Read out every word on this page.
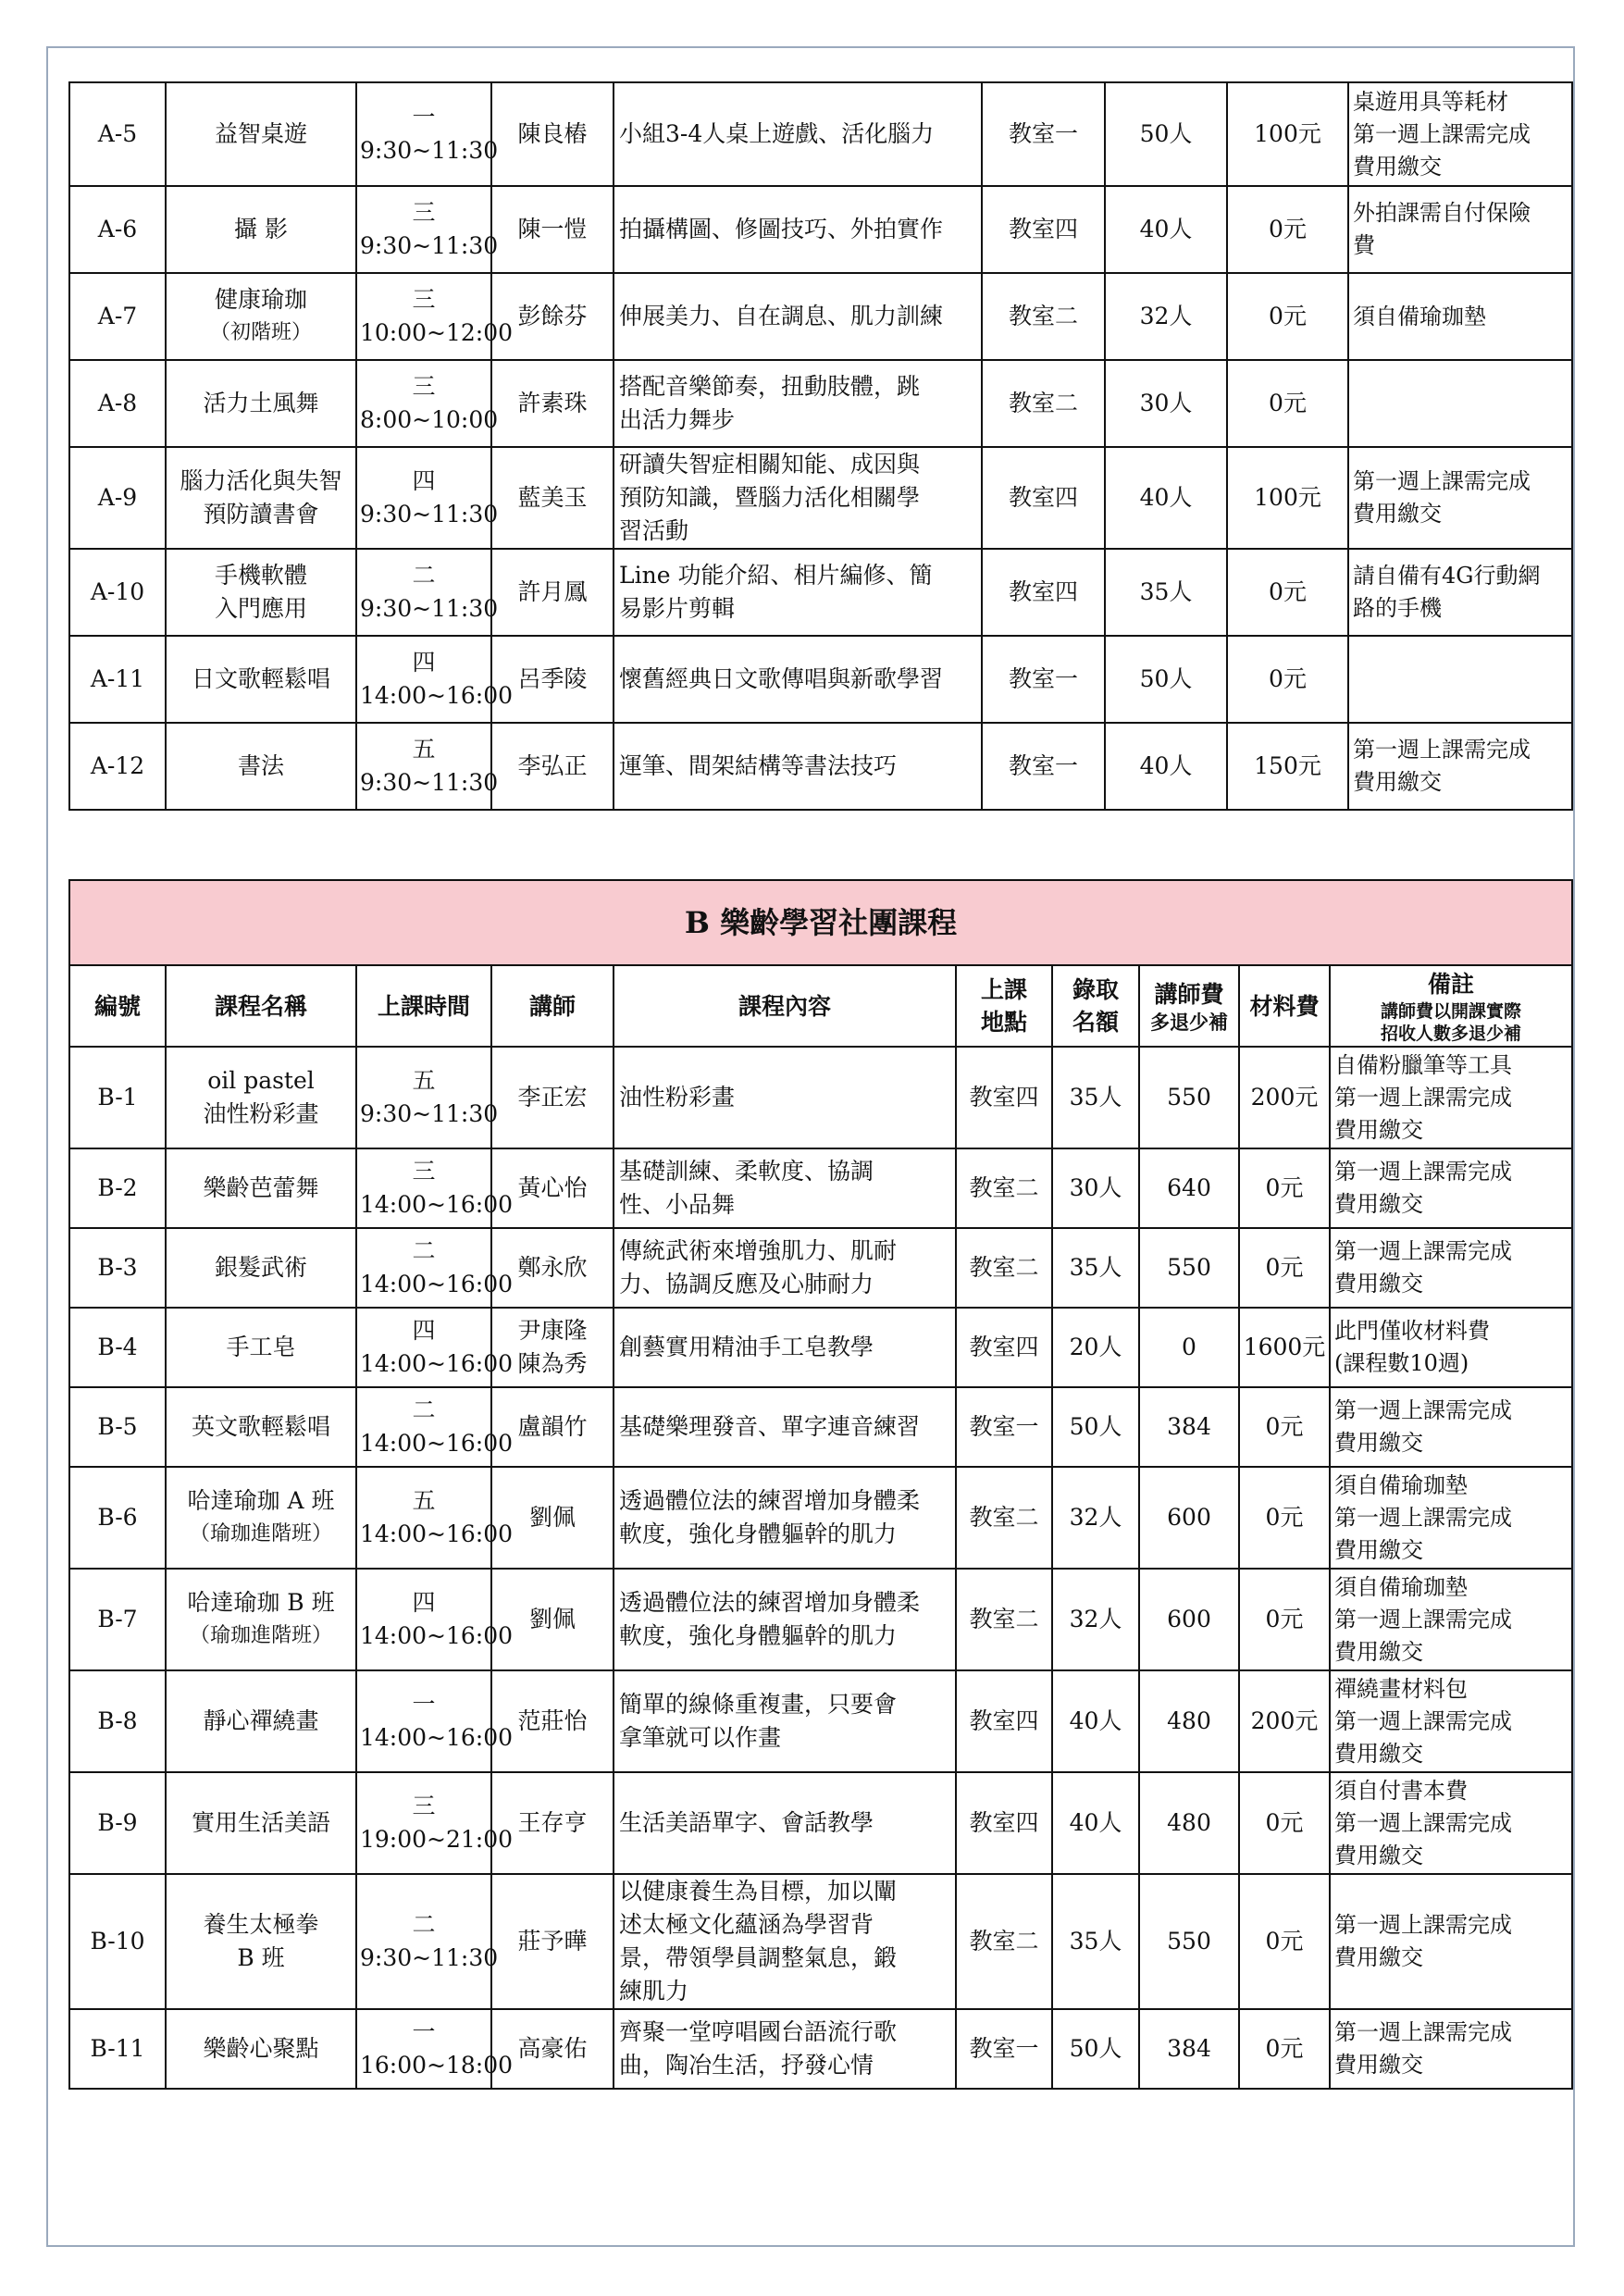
A-5	益智桌遊	一
9:30~11:30	陳良樁	小組3-4人桌上遊戲、活化腦力	教室一	50人	100元	桌遊用具等耗材
第一週上課需完成
費用繳交

A-6	攝 影	三
9:30~11:30	陳一愷	拍攝構圖、修圖技巧、外拍實作	教室四	40人	0元	外拍課需自付保險
費

A-7	健康瑜珈
（初階班）	三
10:00~12:00	彭餘芬	伸展美力、自在調息、肌力訓練	教室二	32人	0元	須自備瑜珈墊

A-8	活力土風舞	三
8:00~10:00	許素珠	搭配音樂節奏，扭動肢體，跳
出活力舞步	教室二	30人	0元	
A-9	腦力活化與失智
預防讀書會	四
9:30~11:30	藍美玉	研讀失智症相關知能、成因與
預防知識，暨腦力活化相關學
習活動	教室四	40人	100元	第一週上課需完成
費用繳交

A-10	手機軟體
入門應用	二
9:30~11:30	許月鳳	Line 功能介紹、相片編修、簡
易影片剪輯	教室四	35人	0元	請自備有4G行動網
路的手機

A-11	日文歌輕鬆唱	四
14:00~16:00	呂季陵	懷舊經典日文歌傳唱與新歌學習	教室一	50人	0元	
A-12	書法	五
9:30~11:30	李弘正	運筆、間架結構等書法技巧	教室一	40人	150元	第一週上課需完成
費用繳交
B 樂齡學習社團課程									
編號	課程名稱	上課時間	講師	課程內容	上課
地點	錄取
名額	講師費
多退少補	材料費	備註
講師費以開課實際
招收人數多退少補

B-1	oil pastel
油性粉彩畫	五
9:30~11:30	李正宏	油性粉彩畫	教室四	35人	550	200元	自備粉臘筆等工具
第一週上課需完成
費用繳交

B-2	樂齡芭蕾舞	三
14:00~16:00	黃心怡	基礎訓練、柔軟度、協調
性、小品舞	教室二	30人	640	0元	第一週上課需完成
費用繳交

B-3	銀髮武術	二
14:00~16:00	鄭永欣	傳統武術來增強肌力、肌耐
力、協調反應及心肺耐力	教室二	35人	550	0元	第一週上課需完成
費用繳交

B-4	手工皂	四
14:00~16:00	尹康隆
陳為秀	創藝實用精油手工皂教學	教室四	20人	0	1600元	此門僅收材料費
(課程數10週)

B-5	英文歌輕鬆唱	二
14:00~16:00	盧韻竹	基礎樂理發音、單字連音練習	教室一	50人	384	0元	第一週上課需完成
費用繳交

B-6	哈達瑜珈 A 班
（瑜珈進階班）	五
14:00~16:00	劉佩	透過體位法的練習增加身體柔
軟度，強化身體軀幹的肌力	教室二	32人	600	0元	須自備瑜珈墊
第一週上課需完成
費用繳交

B-7	哈達瑜珈 B 班
（瑜珈進階班）	四
14:00~16:00	劉佩	透過體位法的練習增加身體柔
軟度，強化身體軀幹的肌力	教室二	32人	600	0元	須自備瑜珈墊
第一週上課需完成
費用繳交

B-8	靜心禪繞畫	一
14:00~16:00	范莊怡	簡單的線條重複畫，只要會
拿筆就可以作畫	教室四	40人	480	200元	禪繞畫材料包
第一週上課需完成
費用繳交

B-9	實用生活美語	三
19:00~21:00	王存亨	生活美語單字、會話教學	教室四	40人	480	0元	須自付書本費
第一週上課需完成
費用繳交

B-10	養生太極拳
B 班	二
9:30~11:30	莊予曄	以健康養生為目標，加以闡
述太極文化蘊涵為學習背
景，帶領學員調整氣息，鍛
練肌力	教室二	35人	550	0元	第一週上課需完成
費用繳交

B-11	樂齡心聚點	一
16:00~18:00	高豪佑	齊聚一堂哼唱國台語流行歌
曲，陶冶生活，抒發心情	教室一	50人	384	0元	第一週上課需完成
費用繳交
